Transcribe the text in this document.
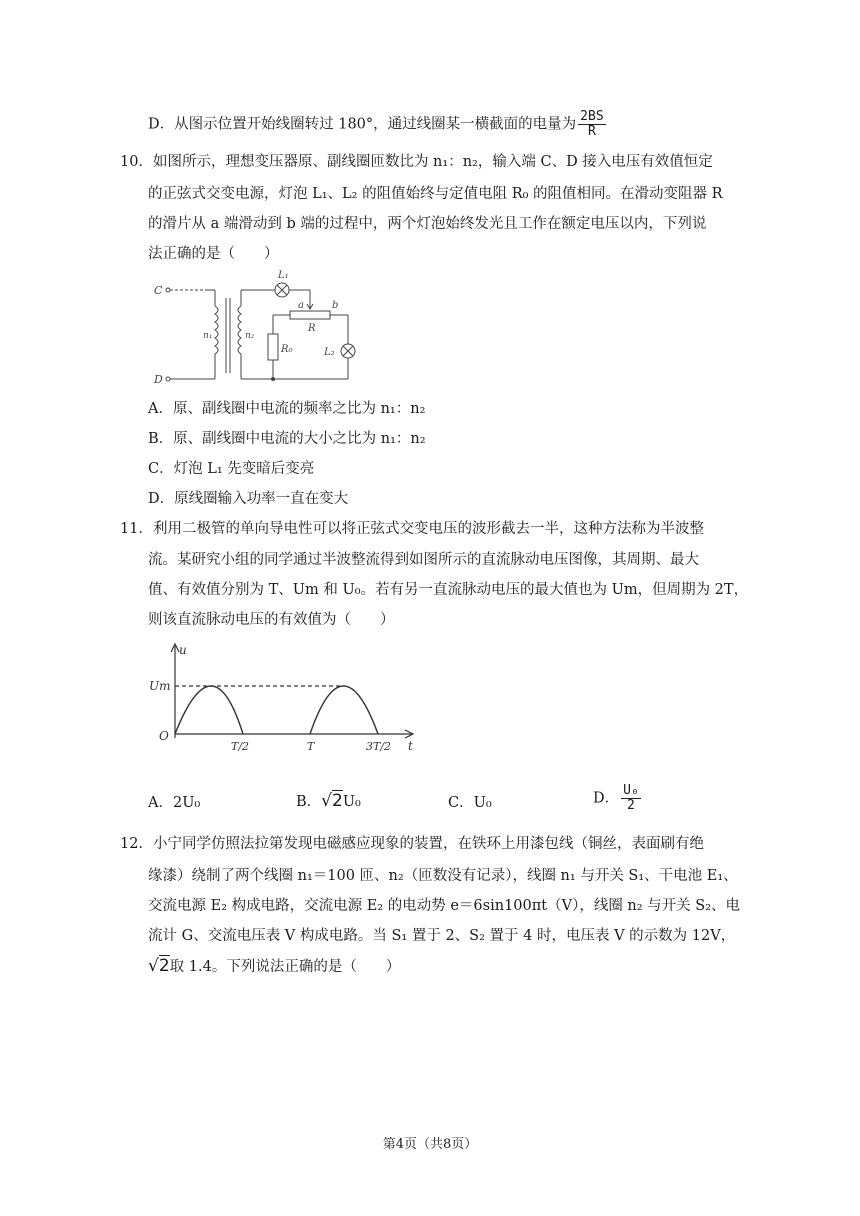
D．从图示位置开始线圈转过 180°，通过线圈某一横截面的电量为 $\frac{2BS}{R}$
10．如图所示，理想变压器原、副线圈匝数比为 n₁：n₂，输入端 C、D 接入电压有效值恒定
的正弦式交变电源，灯泡 L₁、L₂ 的阻值始终与定值电阻 R₀ 的阻值相同。在滑动变阻器 R
的滑片从 a 端滑动到 b 端的过程中，两个灯泡始终发光且工作在额定电压以内，下列说
法正确的是（　　）
C
D
n₁	n₂
L₁
a	b
R
R₀	L₂
A．原、副线圈中电流的频率之比为 n₁：n₂
B．原、副线圈中电流的大小之比为 n₁：n₂
C．灯泡 L₁ 先变暗后变亮
D．原线圈输入功率一直在变大
11．利用二极管的单向导电性可以将正弦式交变电压的波形截去一半，这种方法称为半波整
流。某研究小组的同学通过半波整流得到如图所示的直流脉动电压图像，其周期、最大
值、有效值分别为 T、Um 和 U₀。若有另一直流脉动电压的最大值也为 Um，但周期为 2T，
则该直流脉动电压的有效值为（　　）
u
t
O
Um
T/2	T	3T/2
A．2U₀	B．√2U₀	C．U₀	D． $\frac{\text{U₀}}{2}$
12．小宁同学仿照法拉第发现电磁感应现象的装置，在铁环上用漆包线（铜丝，表面刷有绝
缘漆）绕制了两个线圈 n₁＝100 匝、n₂（匝数没有记录），线圈 n₁ 与开关 S₁、干电池 E₁、
交流电源 E₂ 构成电路，交流电源 E₂ 的电动势 e＝6sin100πt（V），线圈 n₂ 与开关 S₂、电
流计 G、交流电压表 V 构成电路。当 S₁ 置于 2、S₂ 置于 4 时，电压表 V 的示数为 12V，
√2取 1.4。下列说法正确的是（　　）
第4页（共8页）
